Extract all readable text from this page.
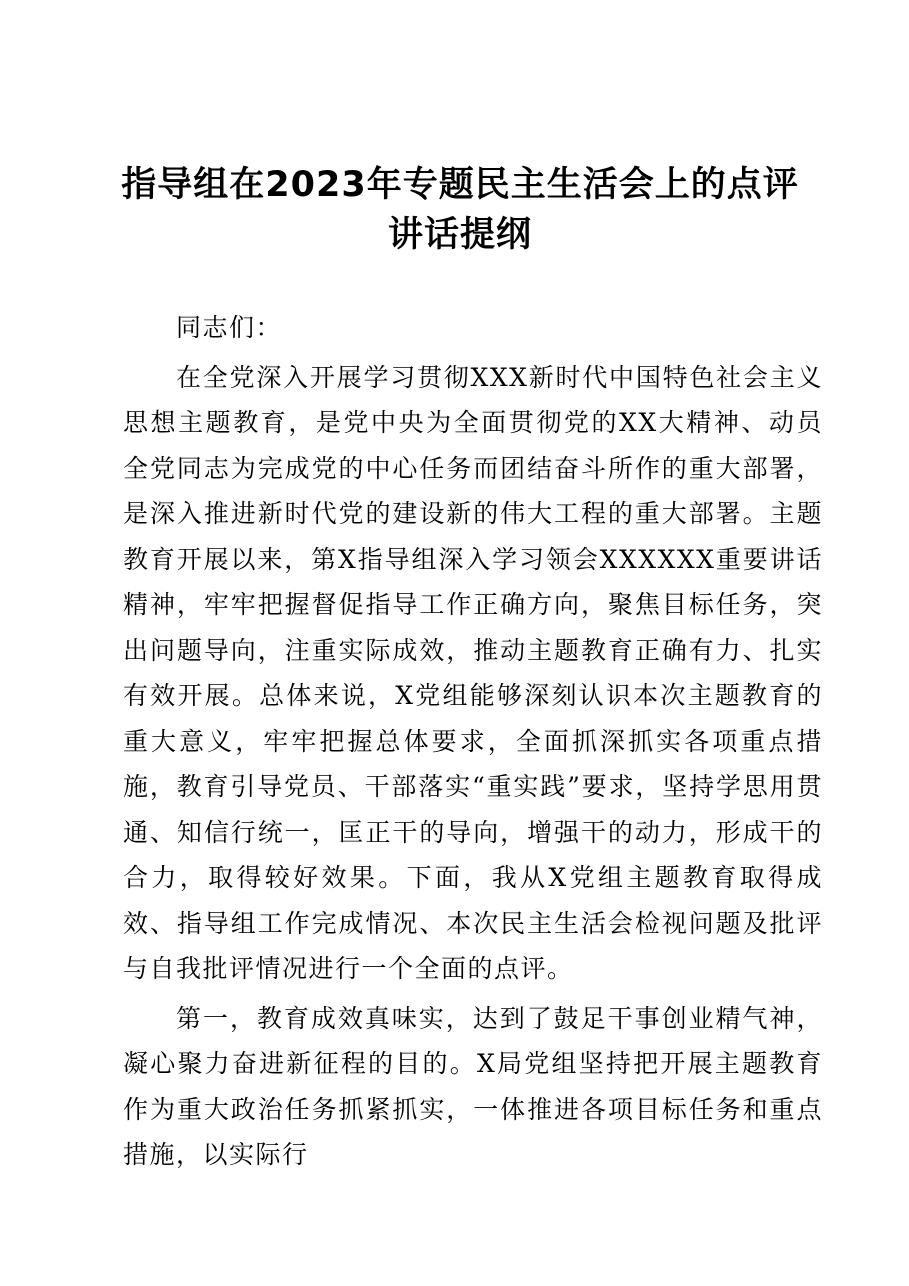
指导组在2023年专题民主生活会上的点评讲话提纲

同志们：

在全党深入开展学习贯彻XXX新时代中国特色社会主义思想主题教育，是党中央为全面贯彻党的XX大精神、动员全党同志为完成党的中心任务而团结奋斗所作的重大部署，是深入推进新时代党的建设新的伟大工程的重大部署。主题教育开展以来，第X指导组深入学习领会XXXXXX重要讲话精神，牢牢把握督促指导工作正确方向，聚焦目标任务，突出问题导向，注重实际成效，推动主题教育正确有力、扎实有效开展。总体来说，X党组能够深刻认识本次主题教育的重大意义，牢牢把握总体要求，全面抓深抓实各项重点措施，教育引导党员、干部落实“重实践”要求，坚持学思用贯通、知信行统一，匡正干的导向，增强干的动力，形成干的合力，取得较好效果。下面，我从X党组主题教育取得成效、指导组工作完成情况、本次民主生活会检视问题及批评与自我批评情况进行一个全面的点评。

第一，教育成效真味实，达到了鼓足干事创业精气神，凝心聚力奋进新征程的目的。X局党组坚持把开展主题教育作为重大政治任务抓紧抓实，一体推进各项目标任务和重点措施，以实际行
